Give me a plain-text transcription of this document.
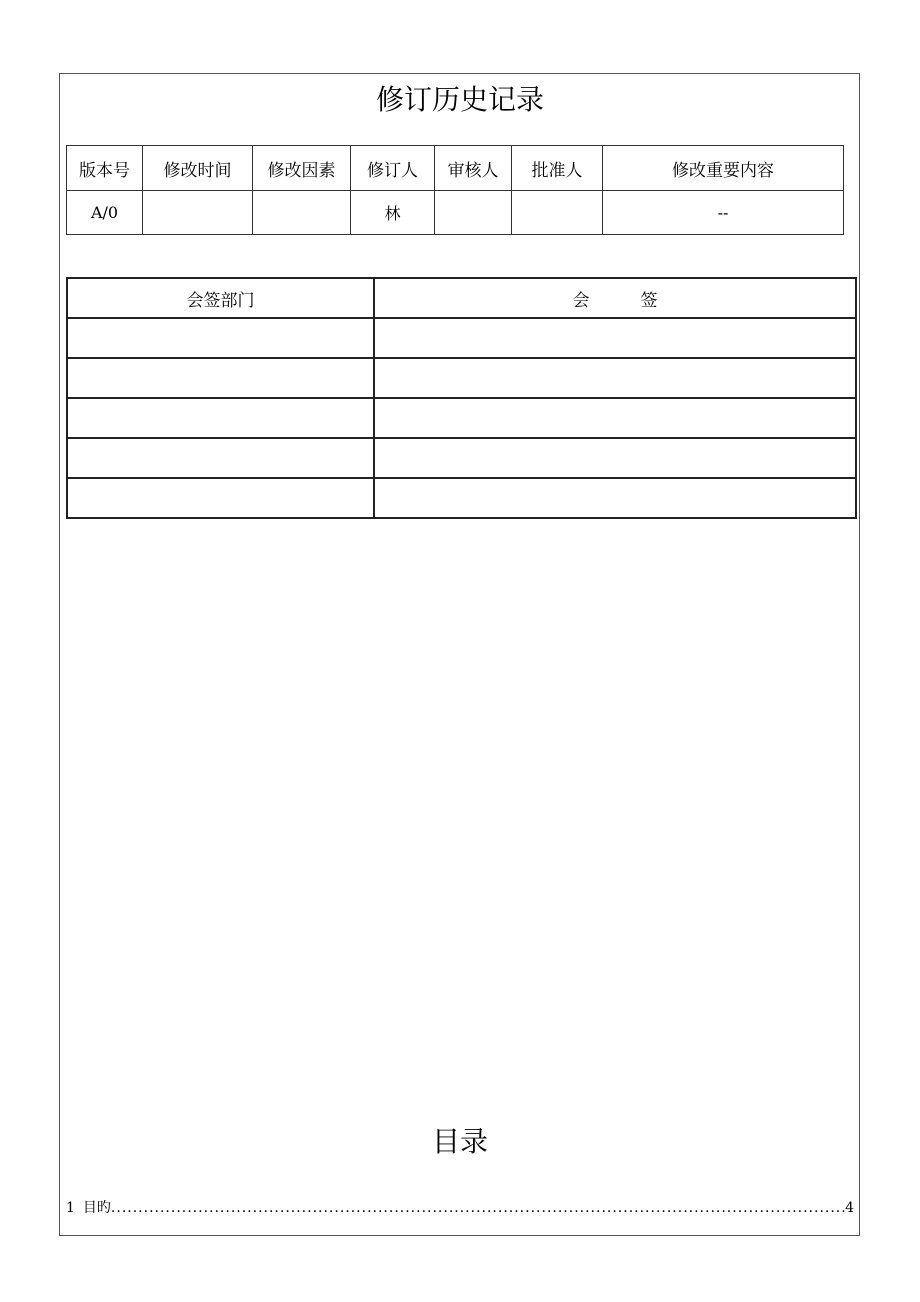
修订历史记录
版本号	修改时间	修改因素	修订人	审核人	批准人	修改重要内容
A/0			林			--
会签部门	会　　　签

目录
1 目旳 .....	4
